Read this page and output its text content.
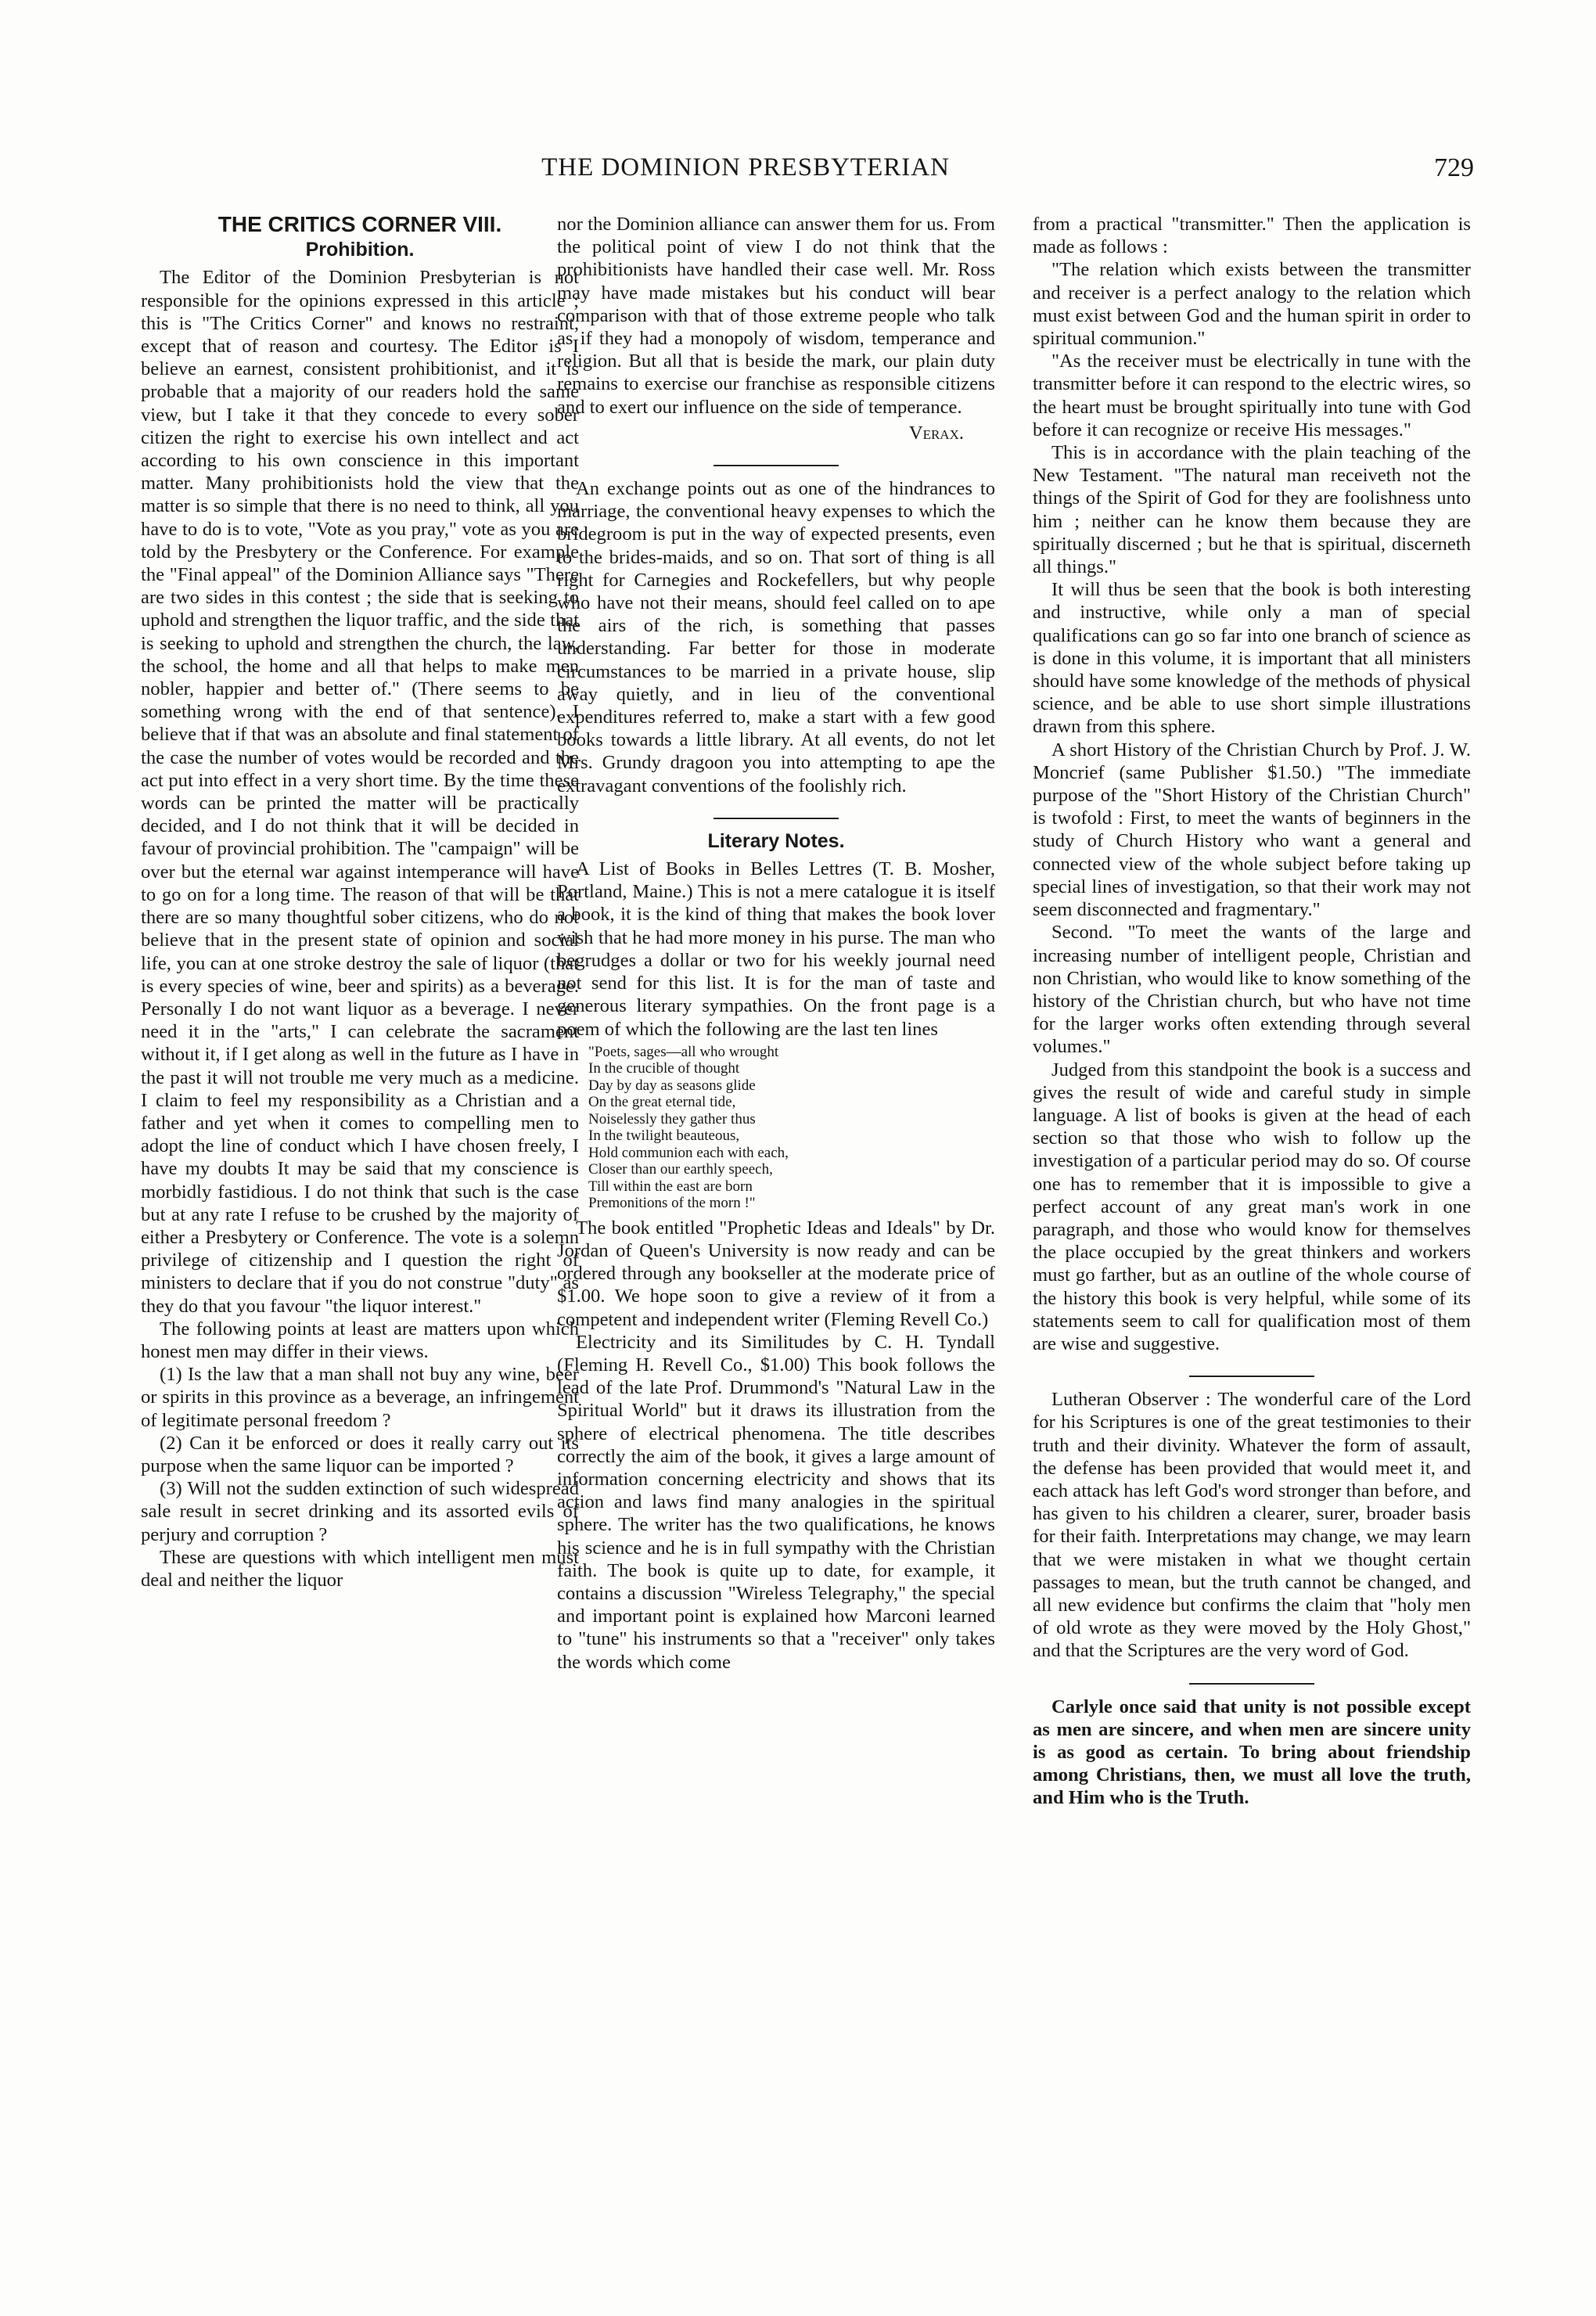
THE DOMINION PRESBYTERIAN	729
THE CRITICS CORNER VIII.
Prohibition.

The Editor of the Dominion Presbyterian is not responsible for the opinions expressed in this article ; this is "The Critics Corner" and knows no restraint, except that of reason and courtesy. The Editor is I believe an earnest, consistent prohibitionist, and it is probable that a majority of our readers hold the same view, but I take it that they concede to every sober citizen the right to exercise his own intellect and act according to his own conscience in this important matter. Many prohibitionists hold the view that the matter is so simple that there is no need to think, all you have to do is to vote, "Vote as you pray," vote as you are told by the Presbytery or the Conference. For example the "Final appeal" of the Dominion Alliance says "There are two sides in this contest ; the side that is seeking to uphold and strengthen the liquor traffic, and the side that is seeking to uphold and strengthen the church, the law, the school, the home and all that helps to make men nobler, happier and better of." (There seems to be something wrong with the end of that sentence). I believe that if that was an absolute and final statement of the case the number of votes would be recorded and the act put into effect in a very short time. By the time these words can be printed the matter will be practically decided, and I do not think that it will be decided in favour of provincial prohibition. The "campaign" will be over but the eternal war against intemperance will have to go on for a long time. The reason of that will be that there are so many thoughtful sober citizens, who do not believe that in the present state of opinion and social life, you can at one stroke destroy the sale of liquor (that is every species of wine, beer and spirits) as a beverage. Personally I do not want liquor as a beverage. I never need it in the "arts," I can celebrate the sacrament without it, if I get along as well in the future as I have in the past it will not trouble me very much as a medicine. I claim to feel my responsibility as a Christian and a father and yet when it comes to compelling men to adopt the line of conduct which I have chosen freely, I have my doubts It may be said that my conscience is morbidly fastidious. I do not think that such is the case but at any rate I refuse to be crushed by the majority of either a Presbytery or Conference. The vote is a solemn privilege of citizenship and I question the right of ministers to declare that if you do not construe "duty" as they do that you favour "the liquor interest."

The following points at least are matters upon which honest men may differ in their views.

(1) Is the law that a man shall not buy any wine, beer or spirits in this province as a beverage, an infringement of legitimate personal freedom ?

(2) Can it be enforced or does it really carry out its purpose when the same liquor can be imported ?

(3) Will not the sudden extinction of such widespread sale result in secret drinking and its assorted evils of perjury and corruption ?

These are questions with which intelligent men must deal and neither the liquor

nor the Dominion alliance can answer them for us. From the political point of view I do not think that the prohibitionists have handled their case well. Mr. Ross may have made mistakes but his conduct will bear comparison with that of those extreme people who talk as if they had a monopoly of wisdom, temperance and religion. But all that is beside the mark, our plain duty remains to exercise our franchise as responsible citizens and to exert our influence on the side of temperance.

Verax.

An exchange points out as one of the hindrances to marriage, the conventional heavy expenses to which the bridegroom is put in the way of expected presents, even to the brides-maids, and so on. That sort of thing is all right for Carnegies and Rockefellers, but why people who have not their means, should feel called on to ape the airs of the rich, is something that passes understanding. Far better for those in moderate circumstances to be married in a private house, slip away quietly, and in lieu of the conventional expenditures referred to, make a start with a few good books towards a little library. At all events, do not let Mrs. Grundy dragoon you into attempting to ape the extravagant conventions of the foolishly rich.

Literary Notes.

A List of Books in Belles Lettres (T. B. Mosher, Portland, Maine.) This is not a mere catalogue it is itself a book, it is the kind of thing that makes the book lover wish that he had more money in his purse. The man who begrudges a dollar or two for his weekly journal need not send for this list. It is for the man of taste and generous literary sympathies. On the front page is a poem of which the following are the last ten lines

"Poets, sages—all who wrought
In the crucible of thought
Day by day as seasons glide
On the great eternal tide,
Noiselessly they gather thus
In the twilight beauteous,
Hold communion each with each,
Closer than our earthly speech,
Till within the east are born
Premonitions of the morn !"

The book entitled "Prophetic Ideas and Ideals" by Dr. Jordan of Queen's University is now ready and can be ordered through any bookseller at the moderate price of $1.00. We hope soon to give a review of it from a competent and independent writer (Fleming Revell Co.)

Electricity and its Similitudes by C. H. Tyndall (Fleming H. Revell Co., $1.00) This book follows the lead of the late Prof. Drummond's "Natural Law in the Spiritual World" but it draws its illustration from the sphere of electrical phenomena. The title describes correctly the aim of the book, it gives a large amount of information concerning electricity and shows that its action and laws find many analogies in the spiritual sphere. The writer has the two qualifications, he knows his science and he is in full sympathy with the Christian faith. The book is quite up to date, for example, it contains a discussion "Wireless Telegraphy," the special and important point is explained how Marconi learned to "tune" his instruments so that a "receiver" only takes the words which come

from a practical "transmitter." Then the application is made as follows :

"The relation which exists between the transmitter and receiver is a perfect analogy to the relation which must exist between God and the human spirit in order to spiritual communion."

"As the receiver must be electrically in tune with the transmitter before it can respond to the electric wires, so the heart must be brought spiritually into tune with God before it can recognize or receive His messages."

This is in accordance with the plain teaching of the New Testament. "The natural man receiveth not the things of the Spirit of God for they are foolishness unto him ; neither can he know them because they are spiritually discerned ; but he that is spiritual, discerneth all things."

It will thus be seen that the book is both interesting and instructive, while only a man of special qualifications can go so far into one branch of science as is done in this volume, it is important that all ministers should have some knowledge of the methods of physical science, and be able to use short simple illustrations drawn from this sphere.

A short History of the Christian Church by Prof. J. W. Moncrief (same Publisher $1.50.) "The immediate purpose of the "Short History of the Christian Church" is twofold : First, to meet the wants of beginners in the study of Church History who want a general and connected view of the whole subject before taking up special lines of investigation, so that their work may not seem disconnected and fragmentary."

Second. "To meet the wants of the large and increasing number of intelligent people, Christian and non Christian, who would like to know something of the history of the Christian church, but who have not time for the larger works often extending through several volumes."

Judged from this standpoint the book is a success and gives the result of wide and careful study in simple language. A list of books is given at the head of each section so that those who wish to follow up the investigation of a particular period may do so. Of course one has to remember that it is impossible to give a perfect account of any great man's work in one paragraph, and those who would know for themselves the place occupied by the great thinkers and workers must go farther, but as an outline of the whole course of the history this book is very helpful, while some of its statements seem to call for qualification most of them are wise and suggestive.

Lutheran Observer : The wonderful care of the Lord for his Scriptures is one of the great testimonies to their truth and their divinity. Whatever the form of assault, the defense has been provided that would meet it, and each attack has left God's word stronger than before, and has given to his children a clearer, surer, broader basis for their faith. Interpretations may change, we may learn that we were mistaken in what we thought certain passages to mean, but the truth cannot be changed, and all new evidence but confirms the claim that "holy men of old wrote as they were moved by the Holy Ghost," and that the Scriptures are the very word of God.

Carlyle once said that unity is not possible except as men are sincere, and when men are sincere unity is as good as certain. To bring about friendship among Christians, then, we must all love the truth, and Him who is the Truth.
